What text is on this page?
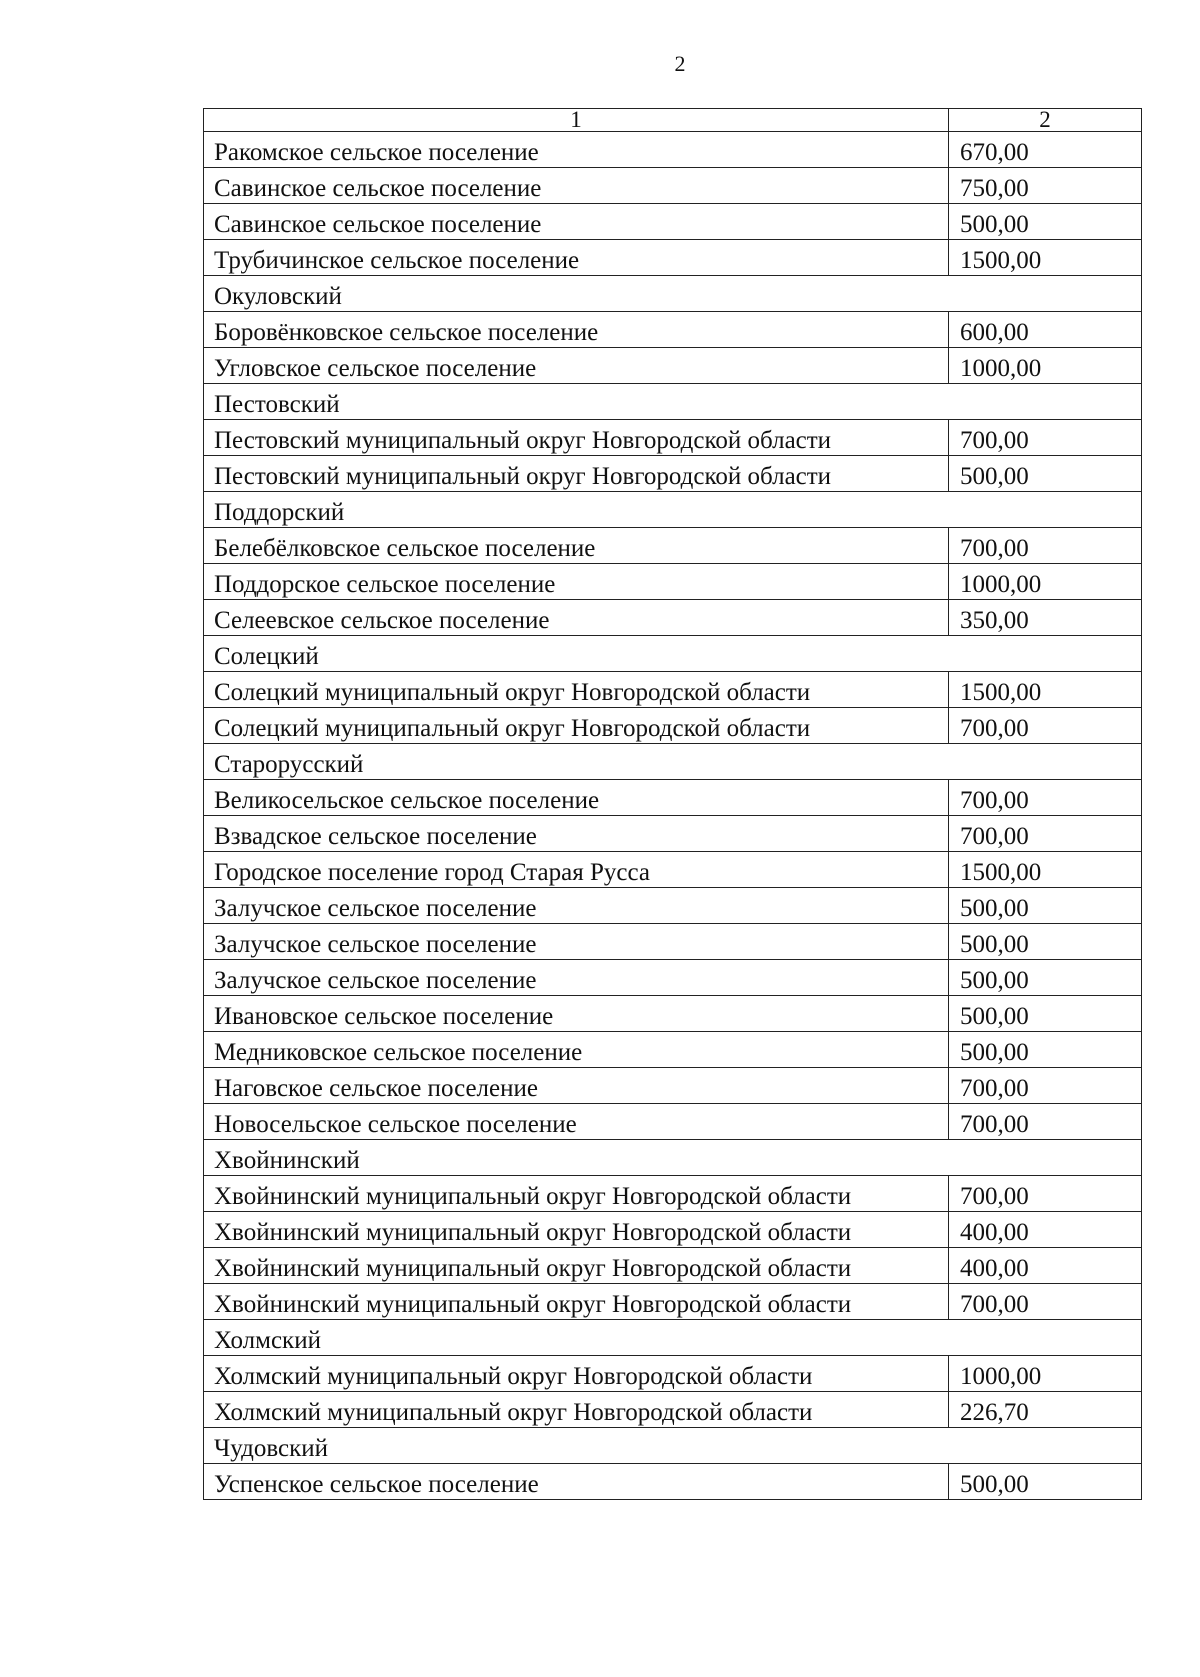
2
1	2
Ракомское сельское поселение	670,00
Савинское сельское поселение	750,00
Савинское сельское поселение	500,00
Трубичинское сельское поселение	1500,00
Окуловский	
Боровёнковское сельское поселение	600,00
Угловское сельское поселение	1000,00
Пестовский	
Пестовский муниципальный округ Новгородской области	700,00
Пестовский муниципальный округ Новгородской области	500,00
Поддорский	
Белебёлковское сельское поселение	700,00
Поддорское сельское поселение	1000,00
Селеевское сельское поселение	350,00
Солецкий	
Солецкий муниципальный округ Новгородской области	1500,00
Солецкий муниципальный округ Новгородской области	700,00
Старорусский	
Великосельское сельское поселение	700,00
Взвадское сельское поселение	700,00
Городское поселение город Старая Русса	1500,00
Залучское сельское поселение	500,00
Залучское сельское поселение	500,00
Залучское сельское поселение	500,00
Ивановское сельское поселение	500,00
Медниковское сельское поселение	500,00
Наговское сельское поселение	700,00
Новосельское сельское поселение	700,00
Хвойнинский	
Хвойнинский муниципальный округ Новгородской области	700,00
Хвойнинский муниципальный округ Новгородской области	400,00
Хвойнинский муниципальный округ Новгородской области	400,00
Хвойнинский муниципальный округ Новгородской области	700,00
Холмский	
Холмский муниципальный округ Новгородской области	1000,00
Холмский муниципальный округ Новгородской области	226,70
Чудовский	
Успенское сельское поселение	500,00
